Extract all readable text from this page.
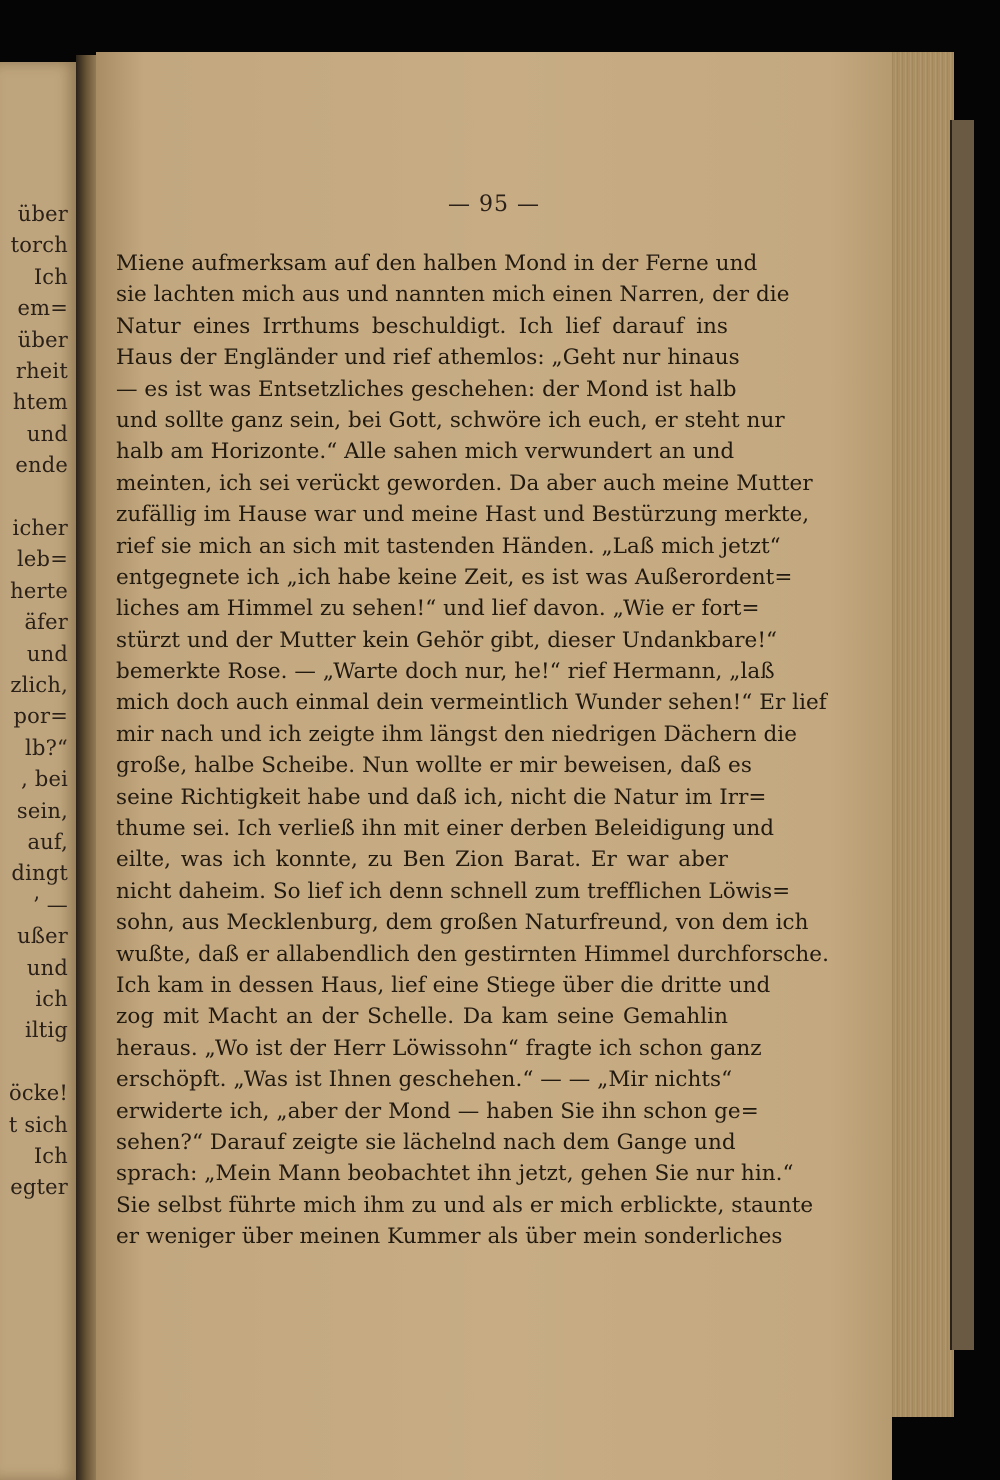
über
torch
Ich
em=
über
rheit
htem
und
ende
icher
leb=
herte
äfer
und
zlich,
por=
lb?“
, bei
sein,
auf,
dingt
’ —
ußer
und
ich
iltig
öcke!
t sich
Ich
egter
— 95 —
Miene aufmerksam auf den halben Mond in der Ferne und
sie lachten mich aus und nannten mich einen Narren, der die
Natur eines Irrthums beschuldigt. Ich lief darauf ins
Haus der Engländer und rief athemlos: „Geht nur hinaus
— es ist was Entsetzliches geschehen: der Mond ist halb
und sollte ganz sein, bei Gott, schwöre ich euch, er steht nur
halb am Horizonte.“ Alle sahen mich verwundert an und
meinten, ich sei verückt geworden. Da aber auch meine Mutter
zufällig im Hause war und meine Hast und Bestürzung merkte,
rief sie mich an sich mit tastenden Händen. „Laß mich jetzt“
entgegnete ich „ich habe keine Zeit, es ist was Außerordent=
liches am Himmel zu sehen!“ und lief davon. „Wie er fort=
stürzt und der Mutter kein Gehör gibt, dieser Undankbare!“
bemerkte Rose. — „Warte doch nur, he!“ rief Hermann, „laß
mich doch auch einmal dein vermeintlich Wunder sehen!“ Er lief
mir nach und ich zeigte ihm längst den niedrigen Dächern die
große, halbe Scheibe. Nun wollte er mir beweisen, daß es
seine Richtigkeit habe und daß ich, nicht die Natur im Irr=
thume sei. Ich verließ ihn mit einer derben Beleidigung und
eilte, was ich konnte, zu Ben Zion Barat. Er war aber
nicht daheim. So lief ich denn schnell zum trefflichen Löwis=
sohn, aus Mecklenburg, dem großen Naturfreund, von dem ich
wußte, daß er allabendlich den gestirnten Himmel durchforsche.
Ich kam in dessen Haus, lief eine Stiege über die dritte und
zog mit Macht an der Schelle. Da kam seine Gemahlin
heraus. „Wo ist der Herr Löwissohn“ fragte ich schon ganz
erschöpft. „Was ist Ihnen geschehen.“ — — „Mir nichts“
erwiderte ich, „aber der Mond — haben Sie ihn schon ge=
sehen?“ Darauf zeigte sie lächelnd nach dem Gange und
sprach: „Mein Mann beobachtet ihn jetzt, gehen Sie nur hin.“
Sie selbst führte mich ihm zu und als er mich erblickte, staunte
er weniger über meinen Kummer als über mein sonderliches
